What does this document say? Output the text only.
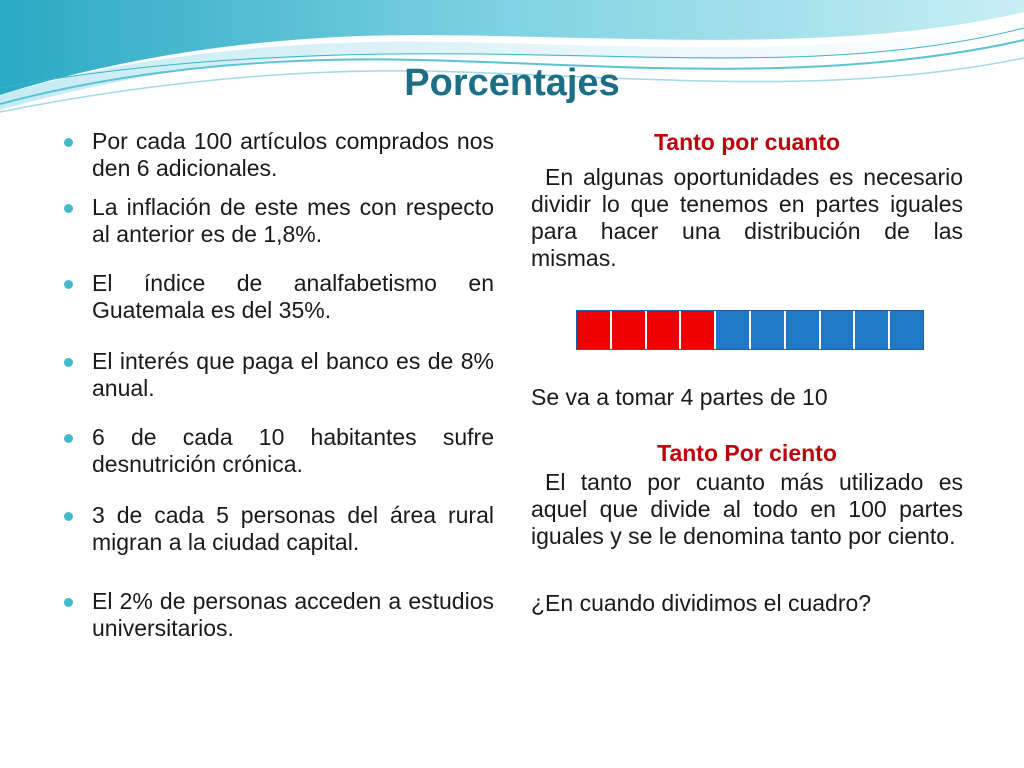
Porcentajes
Por cada 100 artículos comprados nos den 6 adicionales.
La inflación de este mes con respecto al anterior es de 1,8%.
El índice de analfabetismo en Guatemala es del 35%.
El interés que paga el banco es de 8% anual.
6 de cada 10 habitantes sufre desnutrición crónica.
3 de cada 5 personas del área rural migran a la ciudad capital.
El 2% de personas acceden a estudios universitarios.
Tanto por cuanto
En algunas oportunidades es necesario dividir lo que tenemos en partes iguales para hacer una distribución de las mismas.
Se va a tomar 4 partes de 10
Tanto Por ciento
El tanto por cuanto más utilizado es aquel que divide al todo en 100 partes iguales y se le denomina tanto por ciento.
¿En cuando dividimos el cuadro?
